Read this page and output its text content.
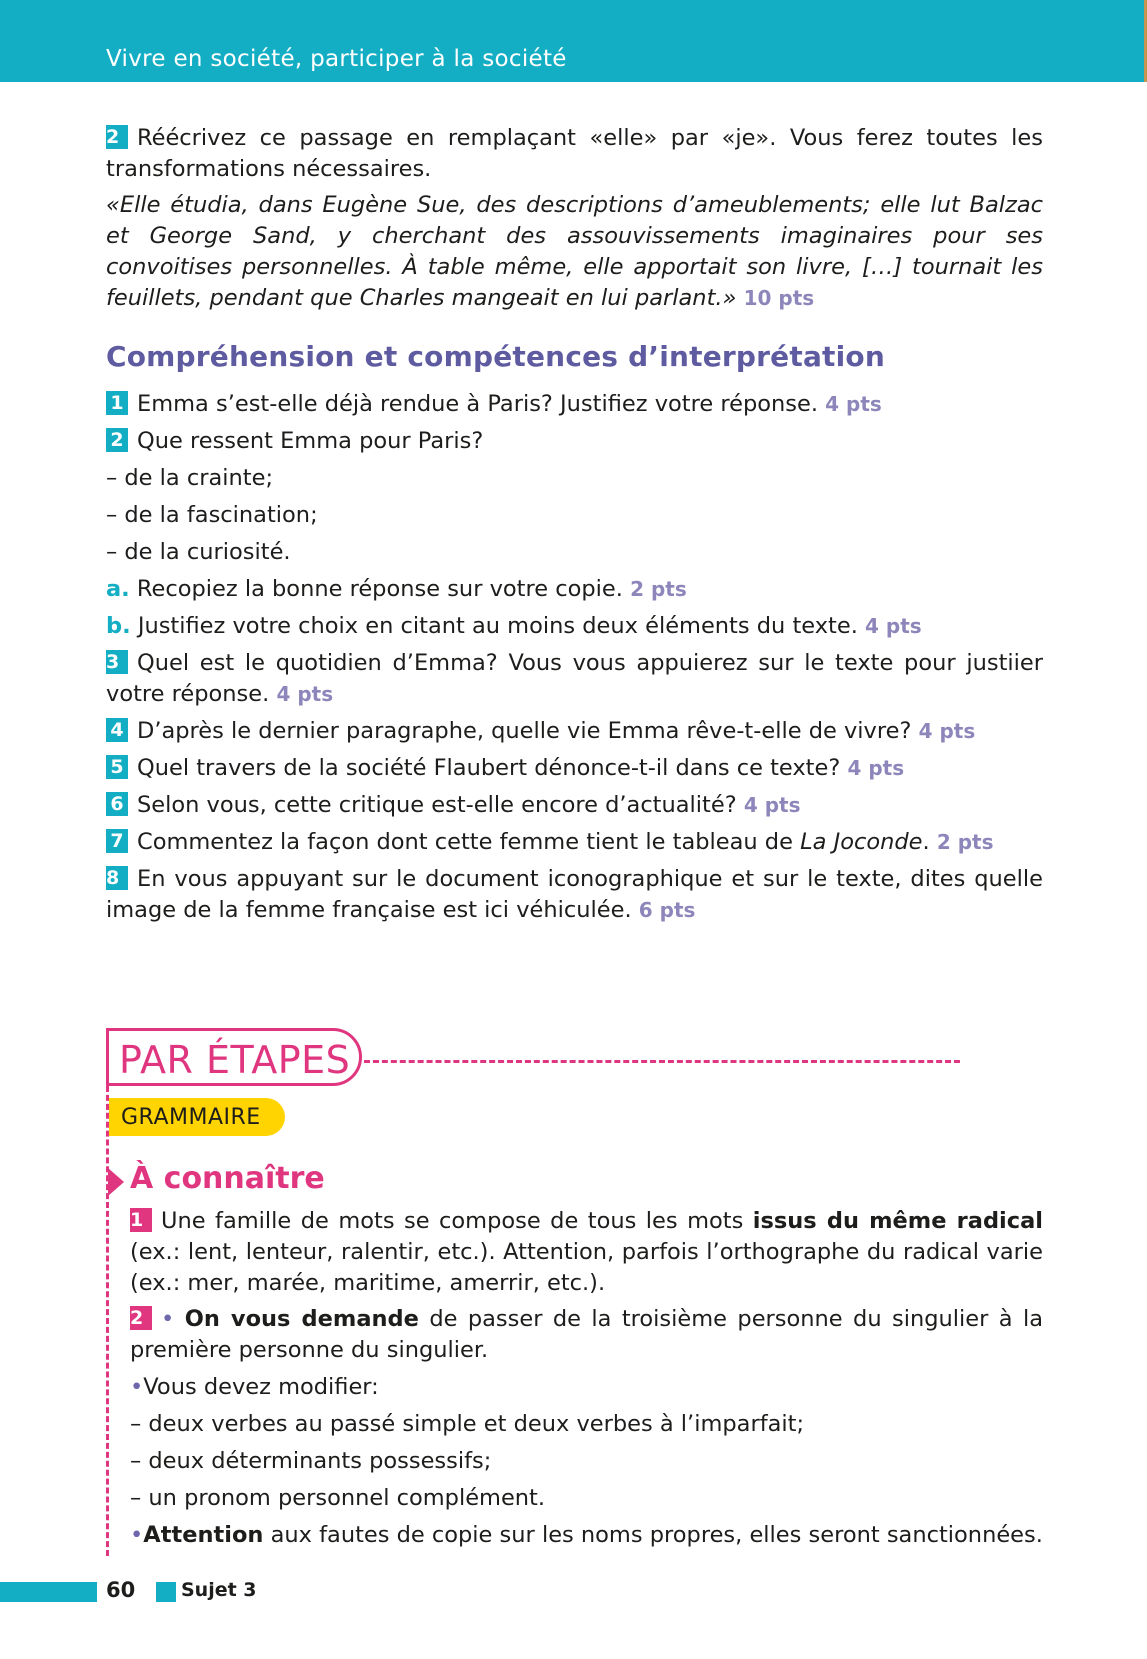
Vivre en société, participer à la société

2 Réécrivez ce passage en remplaçant «elle» par «je». Vous ferez toutes les transformations nécessaires.

«Elle étudia, dans Eugène Sue, des descriptions d’ameublements; elle lut Balzac et George Sand, y cherchant des assouvissements imaginaires pour ses convoitises personnelles. À table même, elle apportait son livre, […] tournait les feuillets, pendant que Charles mangeait en lui parlant.» 10 pts

Compréhension et compétences d’interprétation

1 Emma s’est-elle déjà rendue à Paris? Justifiez votre réponse. 4 pts

2 Que ressent Emma pour Paris?

– de la crainte;

– de la fascination;

– de la curiosité.

a. Recopiez la bonne réponse sur votre copie. 2 pts

b. Justifiez votre choix en citant au moins deux éléments du texte. 4 pts

3 Quel est le quotidien d’Emma? Vous vous appuierez sur le texte pour justiier votre réponse. 4 pts

4 D’après le dernier paragraphe, quelle vie Emma rêve-t-elle de vivre? 4 pts

5 Quel travers de la société Flaubert dénonce-t-il dans ce texte? 4 pts

6 Selon vous, cette critique est-elle encore d’actualité? 4 pts

7 Commentez la façon dont cette femme tient le tableau de La Joconde. 2 pts

8 En vous appuyant sur le document iconographique et sur le texte, dites quelle image de la femme française est ici véhiculée. 6 pts

PAR ÉTAPES
GRAMMAIRE
À connaître

1 Une famille de mots se compose de tous les mots issus du même radical (ex.: lent, lenteur, ralentir, etc.). Attention, parfois l’orthographe du radical varie (ex.: mer, marée, maritime, amerrir, etc.).

2 • On vous demande de passer de la troisième personne du singulier à la première personne du singulier.

•Vous devez modifier:

– deux verbes au passé simple et deux verbes à l’imparfait;

– deux déterminants possessifs;

– un pronom personnel complément.

•Attention aux fautes de copie sur les noms propres, elles seront sanctionnées.

60 Sujet 3
